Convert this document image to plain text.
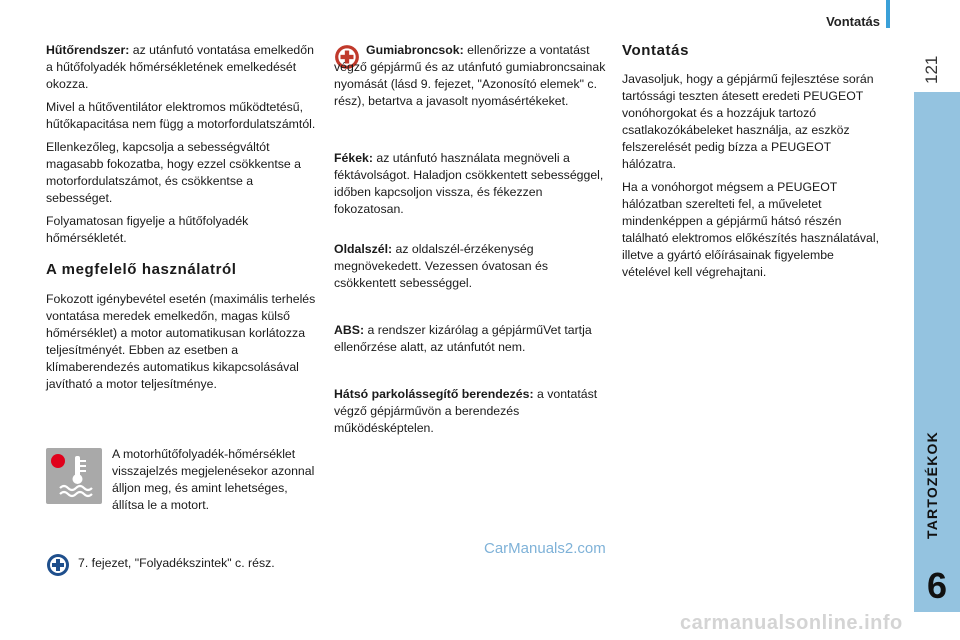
Vontatás
121
TARTOZÉKOK
6

Hűtőrendszer: az utánfutó vontatása emelkedőn a hűtőfolyadék hőmérsékletének emelkedését okozza.

Mivel a hűtőventilátor elektromos működtetésű, hűtőkapacitása nem függ a motorfordulatszámtól.

Ellenkezőleg, kapcsolja a sebességváltót magasabb fokozatba, hogy ezzel csökkentse a motorfordulatszámot, és csökkentse a sebességet.

Folyamatosan figyelje a hűtőfolyadék hőmérsékletét.

A megfelelő használatról

Fokozott igénybevétel esetén (maximális terhelés vontatása meredek emelkedőn, magas külső hőmérséklet) a motor automatikusan korlátozza teljesítményét. Ebben az esetben a klímaberendezés automatikus kikapcsolásával javítható a motor teljesítménye.

A motorhűtőfolyadék-hőmérséklet visszajelzés megjelenésekor azonnal álljon meg, és amint lehetséges, állítsa le a motort.

7. fejezet, "Folyadékszintek" c. rész.

Gumiabroncsok: ellenőrizze a vontatást végző gépjármű és az utánfutó gumiabroncsainak nyomását (lásd 9. fejezet, "Azonosító elemek" c. rész), betartva a javasolt nyomásértékeket.
Fékek: az utánfutó használata megnöveli a féktávolságot. Haladjon csökkentett sebességgel, időben kapcsoljon vissza, és fékezzen fokozatosan.
Oldalszél: az oldalszél-érzékenység megnövekedett. Vezessen óvatosan és csökkentett sebességgel.
ABS: a rendszer kizárólag a gépjárműVet tartja ellenőrzése alatt, az utánfutót nem.
Hátsó parkolássegítő berendezés: a vontatást végző gépjárművön a berendezés működésképtelen.
Vontatás

Javasoljuk, hogy a gépjármű fejlesztése során tartóssági teszten átesett eredeti PEUGEOT vonóhorgokat és a hozzájuk tartozó csatlakozókábeleket használja, az eszköz felszerelését pedig bízza a PEUGEOT hálózatra.

Ha a vonóhorgot mégsem a PEUGEOT hálózatban szerelteti fel, a műveletet mindenképpen a gépjármű hátsó részén található elektromos előkészítés használatával, illetve a gyártó előírásainak figyelembe vételével kell végrehajtani.

CarManuals2.com
carmanualsonline.info
